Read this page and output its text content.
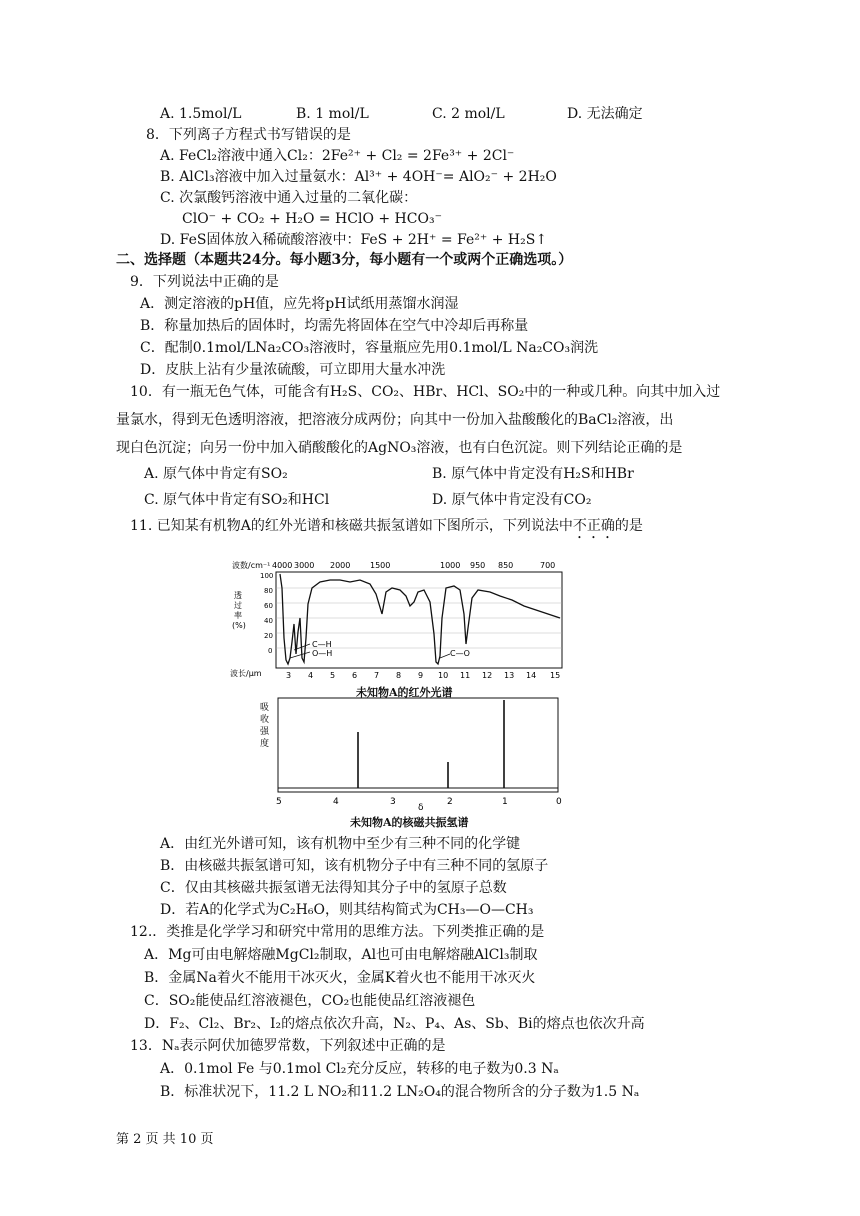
A. 1.5mol/L	B. 1 mol/L	C. 2 mol/L	D. 无法确定
8．下列离子方程式书写错误的是
A. FeCl₂溶液中通入Cl₂：2Fe²⁺ + Cl₂ = 2Fe³⁺ + 2Cl⁻
B. AlCl₃溶液中加入过量氨水：Al³⁺ + 4OH⁻= AlO₂⁻ + 2H₂O
C. 次氯酸钙溶液中通入过量的二氧化碳：
ClO⁻ + CO₂ + H₂O = HClO + HCO₃⁻
D. FeS固体放入稀硫酸溶液中：FeS + 2H⁺ = Fe²⁺ + H₂S↑
二、选择题（本题共24分。每小题3分，每小题有一个或两个正确选项。）
9．下列说法中正确的是
A．测定溶液的pH值，应先将pH试纸用蒸馏水润湿
B．称量加热后的固体时，均需先将固体在空气中冷却后再称量
C．配制0.1mol/LNa₂CO₃溶液时，容量瓶应先用0.1mol/L Na₂CO₃润洗
D．皮肤上沾有少量浓硫酸，可立即用大量水冲洗
10．有一瓶无色气体，可能含有H₂S、CO₂、HBr、HCl、SO₂中的一种或几种。向其中加入过
量氯水，得到无色透明溶液，把溶液分成两份；向其中一份加入盐酸酸化的BaCl₂溶液，出
现白色沉淀；向另一份中加入硝酸酸化的AgNO₃溶液，也有白色沉淀。则下列结论正确的是
A. 原气体中肯定有SO₂	B. 原气体中肯定没有H₂S和HBr
C. 原气体中肯定有SO₂和HCl	D. 原气体中肯定没有CO₂
11. 已知某有机物A的红外光谱和核磁共振氢谱如下图所示，下列说法中不正确的是
波数/cm⁻¹ 4000 3000 2000 1500	1000 950 850	700
透
过
率
(%)
100
80
60
40
20
0
C—H
O—H	C—O
波长/μm	3 4 5 6 7 8 9 10 11 12 13 14 15
未知物A的红外光谱
吸
收
强
度
5	4	3	2	1	0
δ
未知物A的核磁共振氢谱
A．由红光外谱可知，该有机物中至少有三种不同的化学键
B．由核磁共振氢谱可知，该有机物分子中有三种不同的氢原子
C．仅由其核磁共振氢谱无法得知其分子中的氢原子总数
D．若A的化学式为C₂H₆O，则其结构简式为CH₃—O—CH₃
12.．类推是化学学习和研究中常用的思维方法。下列类推正确的是
A．Mg可由电解熔融MgCl₂制取，Al也可由电解熔融AlCl₃制取
B．金属Na着火不能用干冰灭火，金属K着火也不能用干冰灭火
C．SO₂能使品红溶液褪色，CO₂也能使品红溶液褪色
D．F₂、Cl₂、Br₂、I₂的熔点依次升高，N₂、P₄、As、Sb、Bi的熔点也依次升高
13．Nₐ表示阿伏加德罗常数，下列叙述中正确的是
A．0.1mol Fe 与0.1mol Cl₂充分反应，转移的电子数为0.3 Nₐ
B．标准状况下，11.2 L NO₂和11.2 LN₂O₄的混合物所含的分子数为1.5 Nₐ
第 2 页 共 10 页
